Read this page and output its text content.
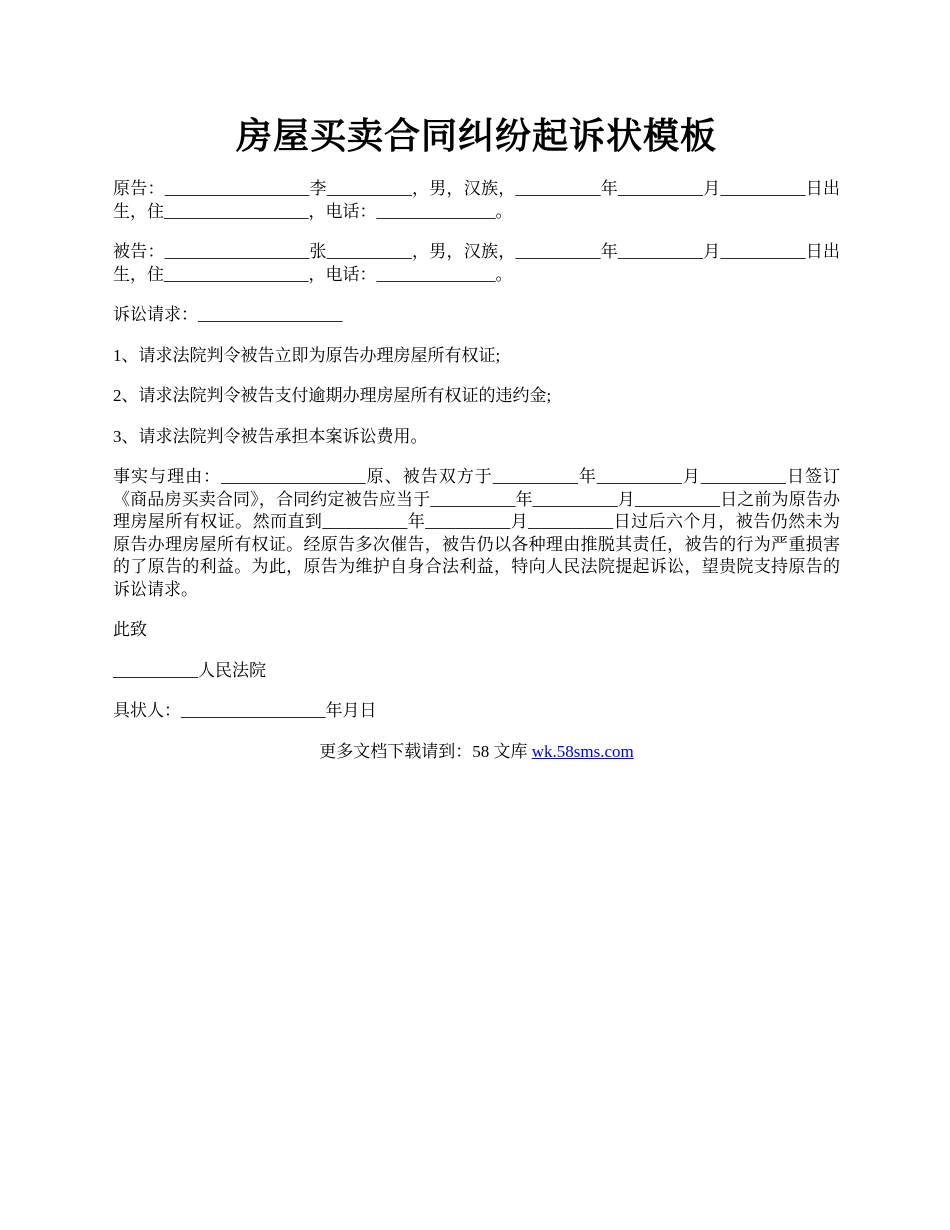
房屋买卖合同纠纷起诉状模板

原告：_________________李__________，男，汉族，__________年__________月__________日出生，住_________________，电话：______________。

被告：_________________张__________，男，汉族，__________年__________月__________日出生，住_________________，电话：______________。

诉讼请求：_________________

1、请求法院判令被告立即为原告办理房屋所有权证;

2、请求法院判令被告支付逾期办理房屋所有权证的违约金;

3、请求法院判令被告承担本案诉讼费用。

事实与理由：_________________原、被告双方于__________年__________月__________日签订《商品房买卖合同》，合同约定被告应当于__________年__________月__________日之前为原告办理房屋所有权证。然而直到__________年__________月__________日过后六个月，被告仍然未为原告办理房屋所有权证。经原告多次催告，被告仍以各种理由推脱其责任，被告的行为严重损害的了原告的利益。为此，原告为维护自身合法利益，特向人民法院提起诉讼，望贵院支持原告的诉讼请求。

此致

__________人民法院

具状人：_________________年月日

更多文档下载请到：58 文库 wk.58sms.com
